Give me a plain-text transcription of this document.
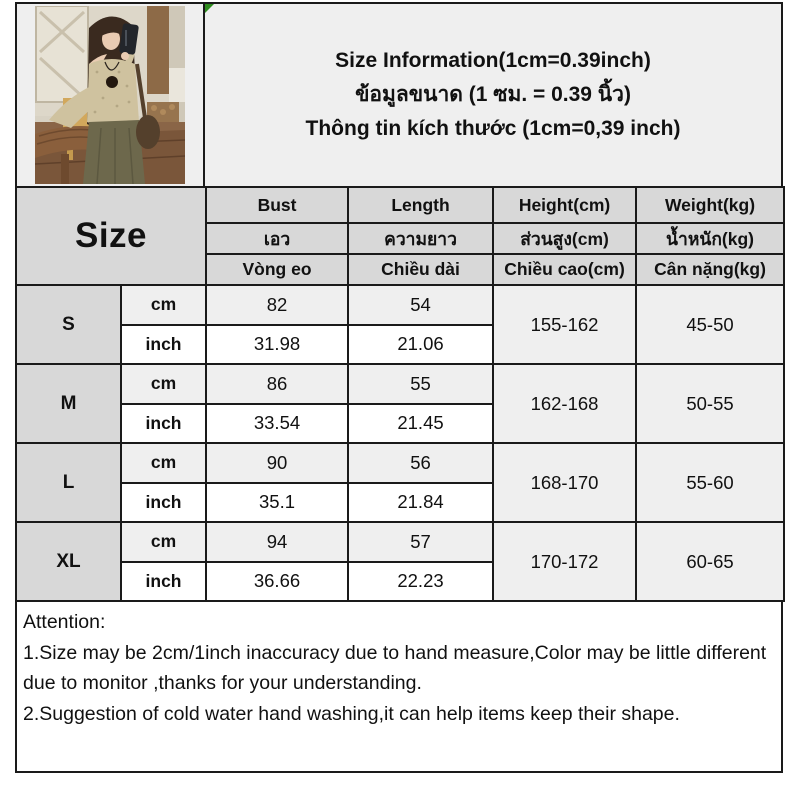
Size Information(1cm=0.39inch)
ข้อมูลขนาด (1 ซม. = 0.39 นิ้ว)
Thông tin kích thước (1cm=0,39 inch)
Size		Bust	Length	Height(cm)	Weight(kg)
		เอว	ความยาว	ส่วนสูง(cm)	น้ำหนัก(kg)
		Vòng eo	Chiều dài	Chiều cao(cm)	Cân nặng(kg)
S	cm	82	54	155-162	45-50
	inch	31.98	21.06		
M	cm	86	55	162-168	50-55
	inch	33.54	21.45		
L	cm	90	56	168-170	55-60
	inch	35.1	21.84		
XL	cm	94	57	170-172	60-65
	inch	36.66	22.23		
Attention:
1.Size may be 2cm/1inch inaccuracy due to hand measure,Color may be little different due to monitor ,thanks for your understanding.
2.Suggestion of cold water hand washing,it can help items keep their shape.
